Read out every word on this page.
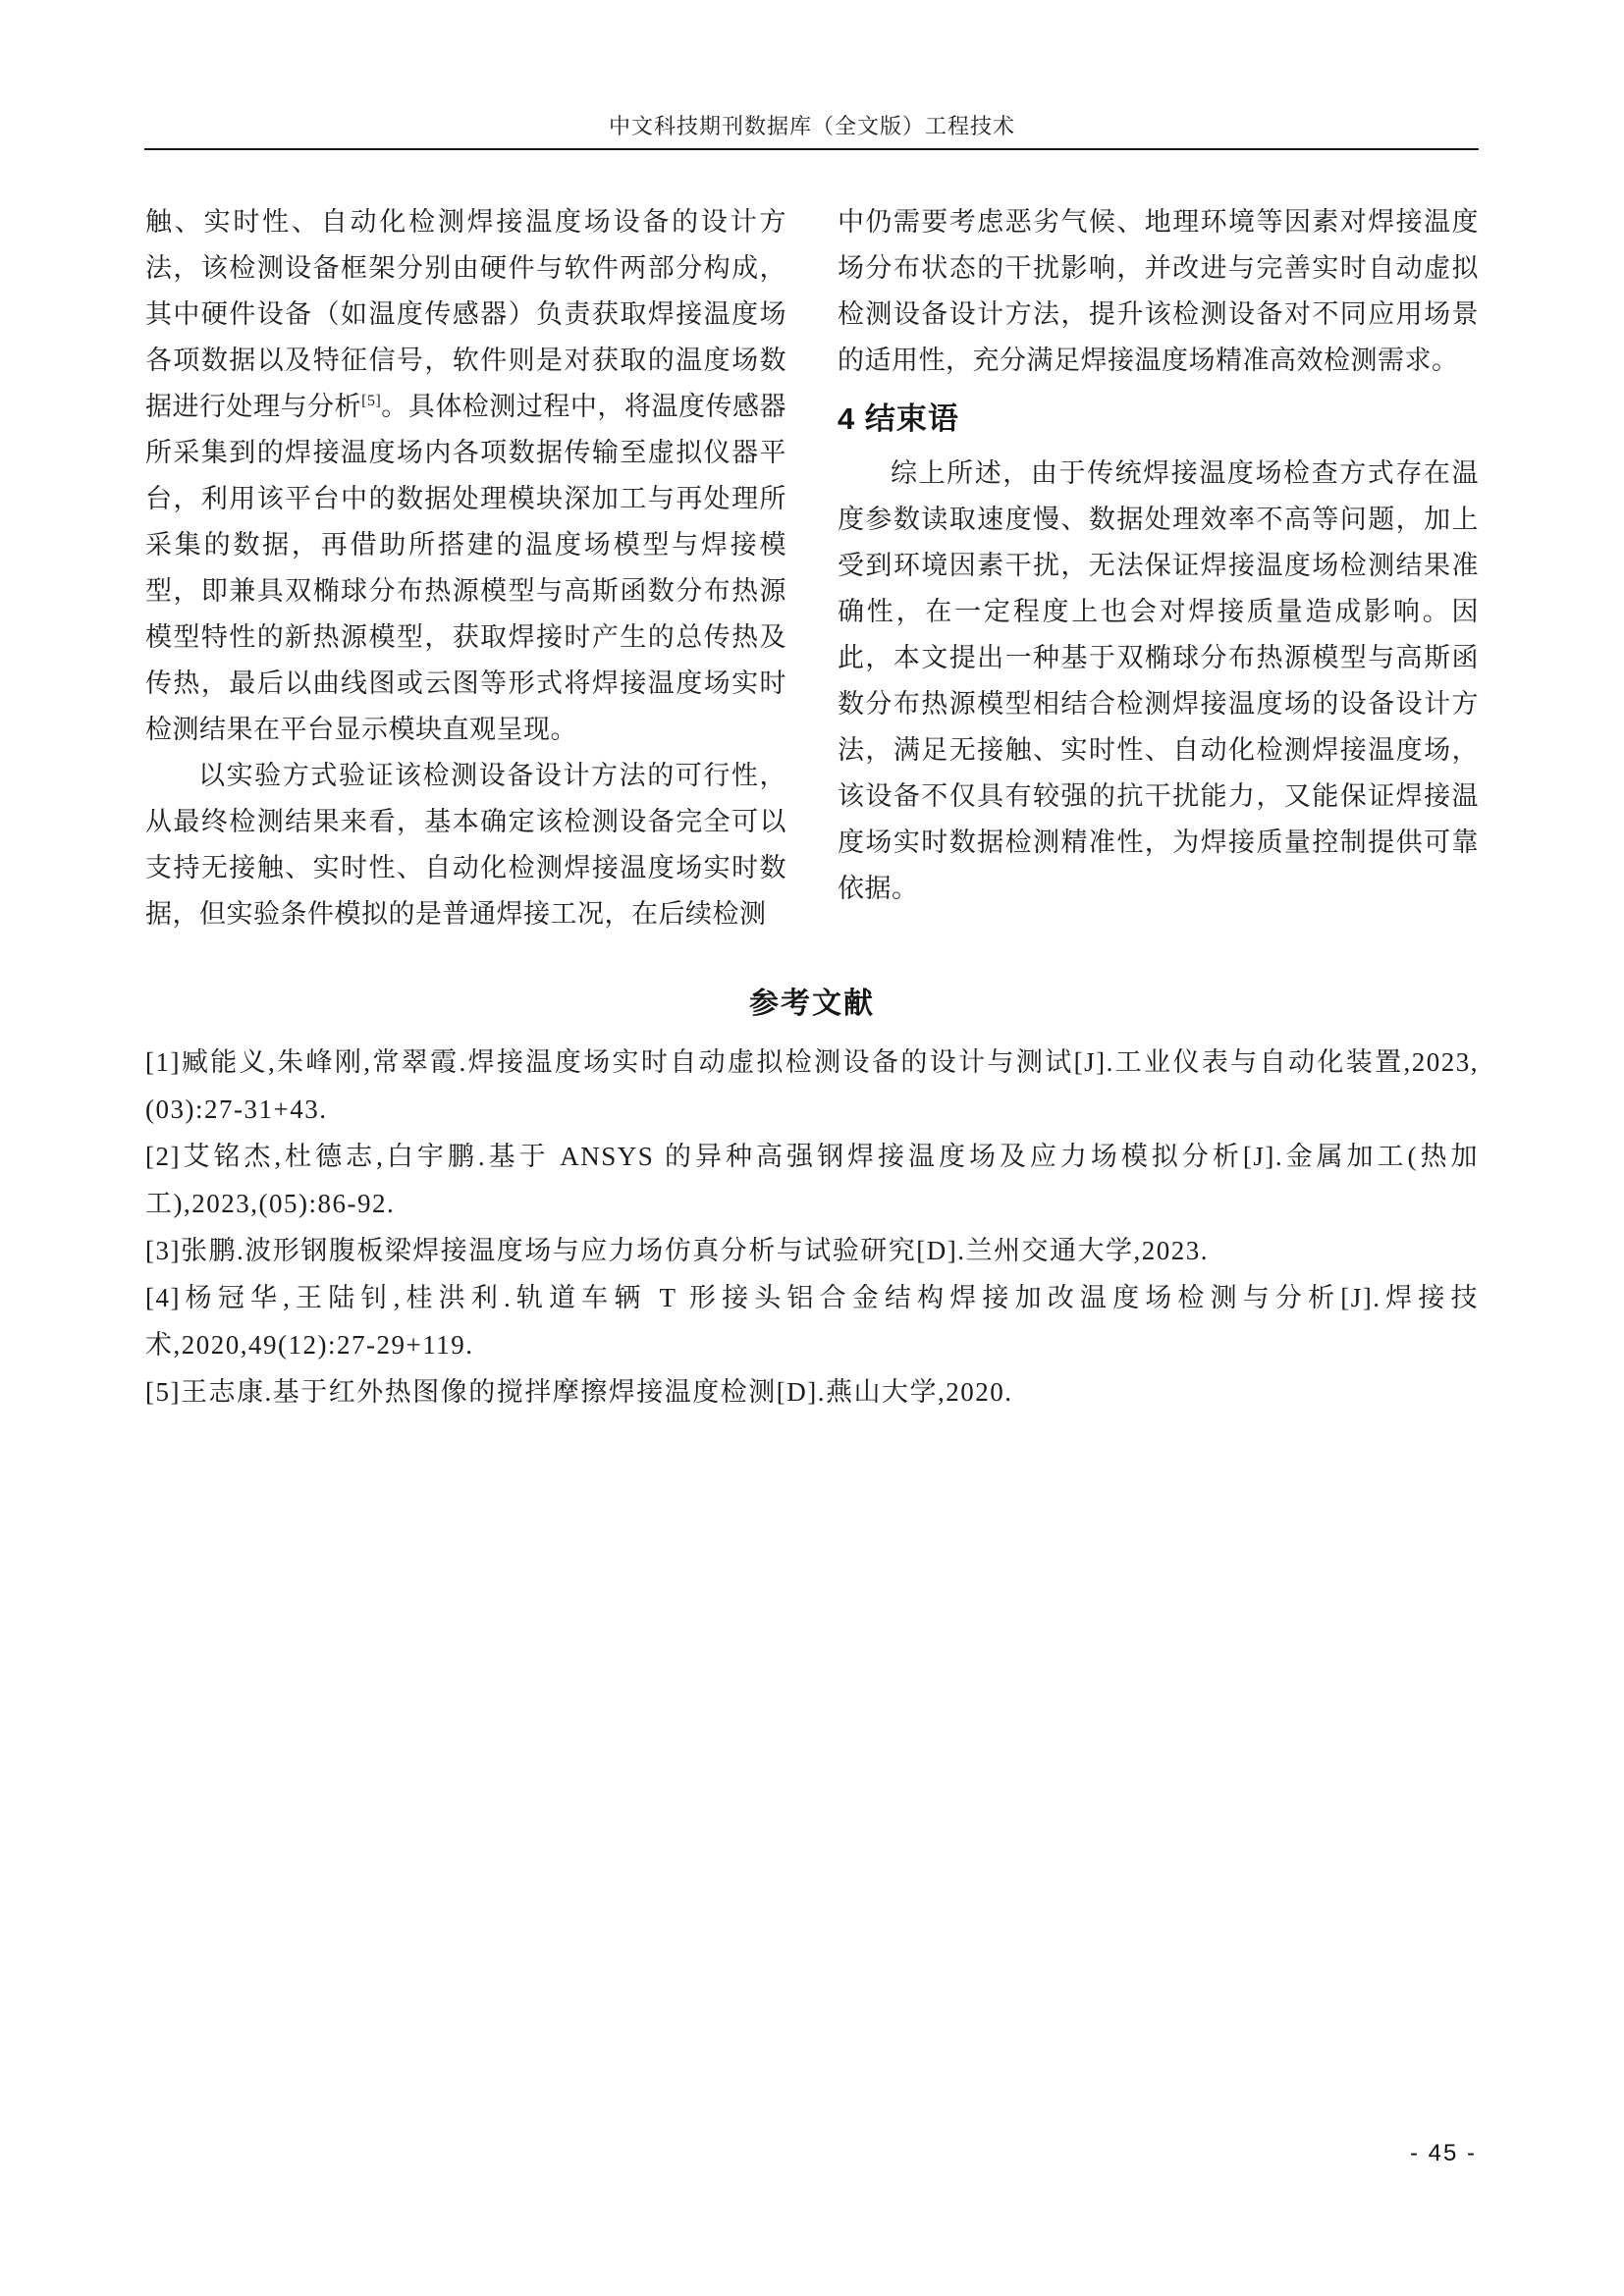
中文科技期刊数据库（全文版）工程技术

触、实时性、自动化检测焊接温度场设备的设计方法，该检测设备框架分别由硬件与软件两部分构成，其中硬件设备（如温度传感器）负责获取焊接温度场各项数据以及特征信号，软件则是对获取的温度场数据进行处理与分析[5]。具体检测过程中，将温度传感器所采集到的焊接温度场内各项数据传输至虚拟仪器平台，利用该平台中的数据处理模块深加工与再处理所采集的数据，再借助所搭建的温度场模型与焊接模型，即兼具双椭球分布热源模型与高斯函数分布热源模型特性的新热源模型，获取焊接时产生的总传热及传热，最后以曲线图或云图等形式将焊接温度场实时检测结果在平台显示模块直观呈现。

以实验方式验证该检测设备设计方法的可行性，从最终检测结果来看，基本确定该检测设备完全可以支持无接触、实时性、自动化检测焊接温度场实时数据，但实验条件模拟的是普通焊接工况，在后续检测

中仍需要考虑恶劣气候、地理环境等因素对焊接温度场分布状态的干扰影响，并改进与完善实时自动虚拟检测设备设计方法，提升该检测设备对不同应用场景的适用性，充分满足焊接温度场精准高效检测需求。

4 结束语

综上所述，由于传统焊接温度场检查方式存在温度参数读取速度慢、数据处理效率不高等问题，加上受到环境因素干扰，无法保证焊接温度场检测结果准确性，在一定程度上也会对焊接质量造成影响。因此，本文提出一种基于双椭球分布热源模型与高斯函数分布热源模型相结合检测焊接温度场的设备设计方法，满足无接触、实时性、自动化检测焊接温度场，该设备不仅具有较强的抗干扰能力，又能保证焊接温度场实时数据检测精准性，为焊接质量控制提供可靠依据。

参考文献

[1]臧能义,朱峰刚,常翠霞.焊接温度场实时自动虚拟检测设备的设计与测试[J].工业仪表与自动化装置,2023,(03):27-31+43.

[2]艾铭杰,杜德志,白宇鹏.基于 ANSYS 的异种高强钢焊接温度场及应力场模拟分析[J].金属加工(热加工),2023,(05):86-92.

[3]张鹏.波形钢腹板梁焊接温度场与应力场仿真分析与试验研究[D].兰州交通大学,2023.

[4]杨冠华,王陆钊,桂洪利.轨道车辆 T 形接头铝合金结构焊接加改温度场检测与分析[J].焊接技术,2020,49(12):27-29+119.

[5]王志康.基于红外热图像的搅拌摩擦焊接温度检测[D].燕山大学,2020.

- 45 -
